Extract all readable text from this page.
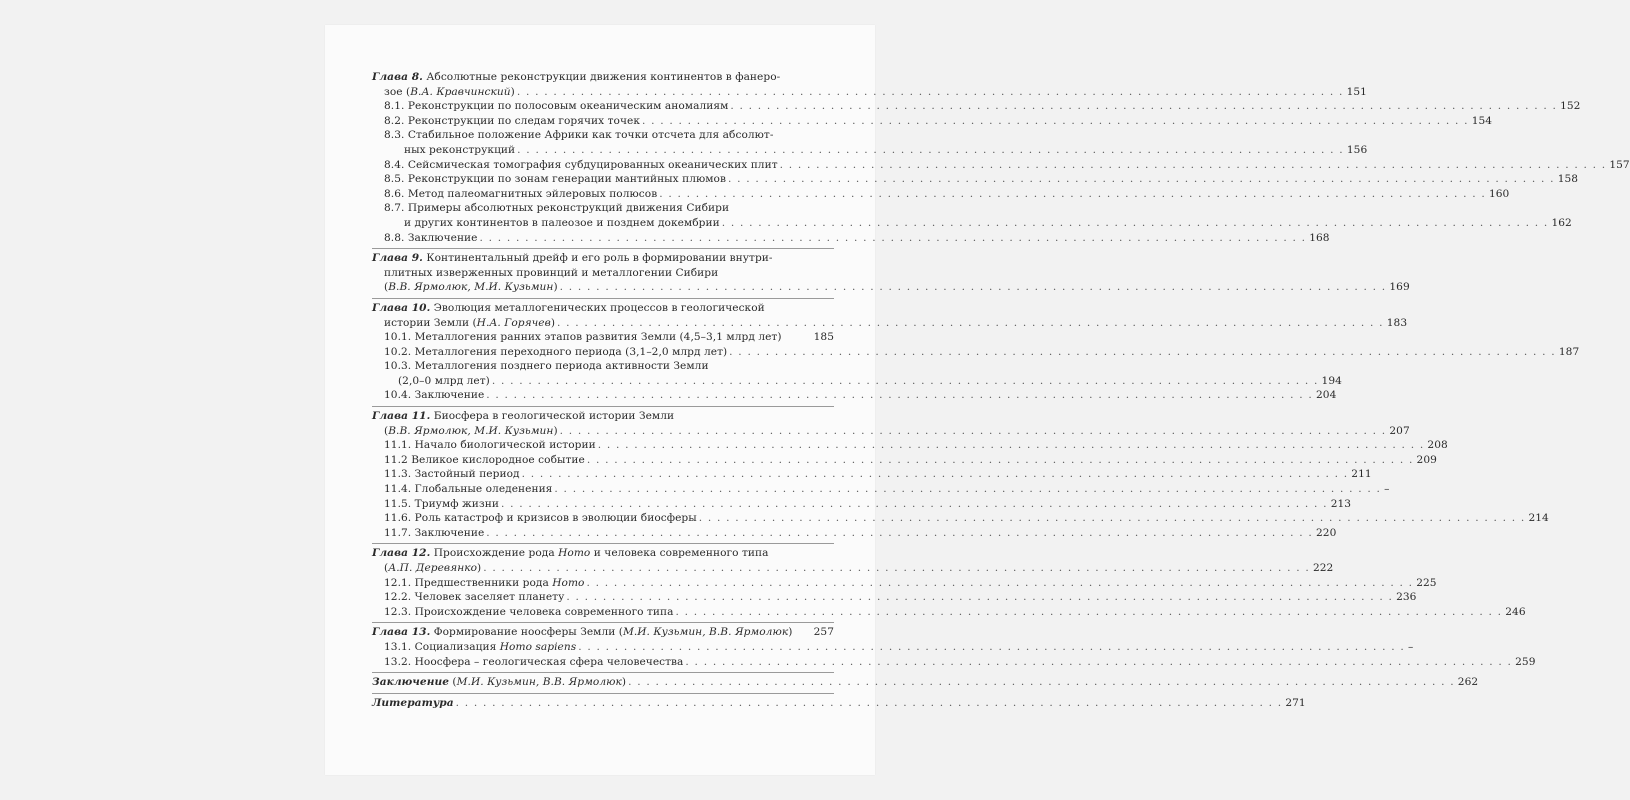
Глава 8. Абсолютные реконструкции движения континентов в фанеро-
зое (В.А. Кравчинский) . . . . . . . . . . . . . . . . . . . . . . . . . . . . . . . . . . . . . . . . . . . . . . . . . . . . . . . . . . . . . . . . . . . . . . . . . . . . . . . . . . . . . . . . . . . 151
8.1. Реконструкции по полосовым океаническим аномалиям . . . . . . . . . . . . . . . . . . . . . . . . . . . . . . . . . . . . . . . . . . . . . . . . . . . . . . . . . . . . . . . . . . . . . . . . . . . . . . . . . . . . . . . . . . . 152
8.2. Реконструкции по следам горячих точек . . . . . . . . . . . . . . . . . . . . . . . . . . . . . . . . . . . . . . . . . . . . . . . . . . . . . . . . . . . . . . . . . . . . . . . . . . . . . . . . . . . . . . . . . . . 154
8.3. Стабильное положение Африки как точки отсчета для абсолют-
ных реконструкций . . . . . . . . . . . . . . . . . . . . . . . . . . . . . . . . . . . . . . . . . . . . . . . . . . . . . . . . . . . . . . . . . . . . . . . . . . . . . . . . . . . . . . . . . . . 156
8.4. Сейсмическая томография субдуцированных океанических плит . . . . . . . . . . . . . . . . . . . . . . . . . . . . . . . . . . . . . . . . . . . . . . . . . . . . . . . . . . . . . . . . . . . . . . . . . . . . . . . . . . . . . . . . . . . 157
8.5. Реконструкции по зонам генерации мантийных плюмов . . . . . . . . . . . . . . . . . . . . . . . . . . . . . . . . . . . . . . . . . . . . . . . . . . . . . . . . . . . . . . . . . . . . . . . . . . . . . . . . . . . . . . . . . . . 158
8.6. Метод палеомагнитных эйлеровых полюсов . . . . . . . . . . . . . . . . . . . . . . . . . . . . . . . . . . . . . . . . . . . . . . . . . . . . . . . . . . . . . . . . . . . . . . . . . . . . . . . . . . . . . . . . . . . 160
8.7. Примеры абсолютных реконструкций движения Сибири
и других континентов в палеозое и позднем докембрии . . . . . . . . . . . . . . . . . . . . . . . . . . . . . . . . . . . . . . . . . . . . . . . . . . . . . . . . . . . . . . . . . . . . . . . . . . . . . . . . . . . . . . . . . . . 162
8.8. Заключение . . . . . . . . . . . . . . . . . . . . . . . . . . . . . . . . . . . . . . . . . . . . . . . . . . . . . . . . . . . . . . . . . . . . . . . . . . . . . . . . . . . . . . . . . . . 168
Глава 9. Континентальный дрейф и его роль в формировании внутри-
плитных изверженных провинций и металлогении Сибири
(В.В. Ярмолюк, М.И. Кузьмин) . . . . . . . . . . . . . . . . . . . . . . . . . . . . . . . . . . . . . . . . . . . . . . . . . . . . . . . . . . . . . . . . . . . . . . . . . . . . . . . . . . . . . . . . . . . 169
Глава 10. Эволюция металлогенических процессов в геологической
истории Земли (Н.А. Горячев) . . . . . . . . . . . . . . . . . . . . . . . . . . . . . . . . . . . . . . . . . . . . . . . . . . . . . . . . . . . . . . . . . . . . . . . . . . . . . . . . . . . . . . . . . . . 183
10.1. Металлогения ранних этапов развития Земли (4,5–3,1 млрд лет)	185
10.2. Металлогения переходного периода (3,1–2,0 млрд лет) . . . . . . . . . . . . . . . . . . . . . . . . . . . . . . . . . . . . . . . . . . . . . . . . . . . . . . . . . . . . . . . . . . . . . . . . . . . . . . . . . . . . . . . . . . . 187
10.3. Металлогения позднего периода активности Земли
(2,0–0 млрд лет) . . . . . . . . . . . . . . . . . . . . . . . . . . . . . . . . . . . . . . . . . . . . . . . . . . . . . . . . . . . . . . . . . . . . . . . . . . . . . . . . . . . . . . . . . . . 194
10.4. Заключение . . . . . . . . . . . . . . . . . . . . . . . . . . . . . . . . . . . . . . . . . . . . . . . . . . . . . . . . . . . . . . . . . . . . . . . . . . . . . . . . . . . . . . . . . . . 204
Глава 11. Биосфера в геологической истории Земли
(В.В. Ярмолюк, М.И. Кузьмин) . . . . . . . . . . . . . . . . . . . . . . . . . . . . . . . . . . . . . . . . . . . . . . . . . . . . . . . . . . . . . . . . . . . . . . . . . . . . . . . . . . . . . . . . . . . 207
11.1. Начало биологической истории . . . . . . . . . . . . . . . . . . . . . . . . . . . . . . . . . . . . . . . . . . . . . . . . . . . . . . . . . . . . . . . . . . . . . . . . . . . . . . . . . . . . . . . . . . . 208
11.2 Великое кислородное событие . . . . . . . . . . . . . . . . . . . . . . . . . . . . . . . . . . . . . . . . . . . . . . . . . . . . . . . . . . . . . . . . . . . . . . . . . . . . . . . . . . . . . . . . . . . 209
11.3. Застойный период . . . . . . . . . . . . . . . . . . . . . . . . . . . . . . . . . . . . . . . . . . . . . . . . . . . . . . . . . . . . . . . . . . . . . . . . . . . . . . . . . . . . . . . . . . . 211
11.4. Глобальные оледенения . . . . . . . . . . . . . . . . . . . . . . . . . . . . . . . . . . . . . . . . . . . . . . . . . . . . . . . . . . . . . . . . . . . . . . . . . . . . . . . . . . . . . . . . . . . –
11.5. Триумф жизни . . . . . . . . . . . . . . . . . . . . . . . . . . . . . . . . . . . . . . . . . . . . . . . . . . . . . . . . . . . . . . . . . . . . . . . . . . . . . . . . . . . . . . . . . . . 213
11.6. Роль катастроф и кризисов в эволюции биосферы . . . . . . . . . . . . . . . . . . . . . . . . . . . . . . . . . . . . . . . . . . . . . . . . . . . . . . . . . . . . . . . . . . . . . . . . . . . . . . . . . . . . . . . . . . . 214
11.7. Заключение . . . . . . . . . . . . . . . . . . . . . . . . . . . . . . . . . . . . . . . . . . . . . . . . . . . . . . . . . . . . . . . . . . . . . . . . . . . . . . . . . . . . . . . . . . . 220
Глава 12. Происхождение рода Homo и человека современного типа
(А.П. Деревянко) . . . . . . . . . . . . . . . . . . . . . . . . . . . . . . . . . . . . . . . . . . . . . . . . . . . . . . . . . . . . . . . . . . . . . . . . . . . . . . . . . . . . . . . . . . . 222
12.1. Предшественники рода Homo . . . . . . . . . . . . . . . . . . . . . . . . . . . . . . . . . . . . . . . . . . . . . . . . . . . . . . . . . . . . . . . . . . . . . . . . . . . . . . . . . . . . . . . . . . . 225
12.2. Человек заселяет планету . . . . . . . . . . . . . . . . . . . . . . . . . . . . . . . . . . . . . . . . . . . . . . . . . . . . . . . . . . . . . . . . . . . . . . . . . . . . . . . . . . . . . . . . . . . 236
12.3. Происхождение человека современного типа . . . . . . . . . . . . . . . . . . . . . . . . . . . . . . . . . . . . . . . . . . . . . . . . . . . . . . . . . . . . . . . . . . . . . . . . . . . . . . . . . . . . . . . . . . . 246
Глава 13. Формирование ноосферы Земли (М.И. Кузьмин, В.В. Ярмолюк)	257
13.1. Социализация Homo sapiens . . . . . . . . . . . . . . . . . . . . . . . . . . . . . . . . . . . . . . . . . . . . . . . . . . . . . . . . . . . . . . . . . . . . . . . . . . . . . . . . . . . . . . . . . . . –
13.2. Ноосфера – геологическая сфера человечества . . . . . . . . . . . . . . . . . . . . . . . . . . . . . . . . . . . . . . . . . . . . . . . . . . . . . . . . . . . . . . . . . . . . . . . . . . . . . . . . . . . . . . . . . . . 259
Заключение (М.И. Кузьмин, В.В. Ярмолюк) . . . . . . . . . . . . . . . . . . . . . . . . . . . . . . . . . . . . . . . . . . . . . . . . . . . . . . . . . . . . . . . . . . . . . . . . . . . . . . . . . . . . . . . . . . . 262
Литература . . . . . . . . . . . . . . . . . . . . . . . . . . . . . . . . . . . . . . . . . . . . . . . . . . . . . . . . . . . . . . . . . . . . . . . . . . . . . . . . . . . . . . . . . . . 271
